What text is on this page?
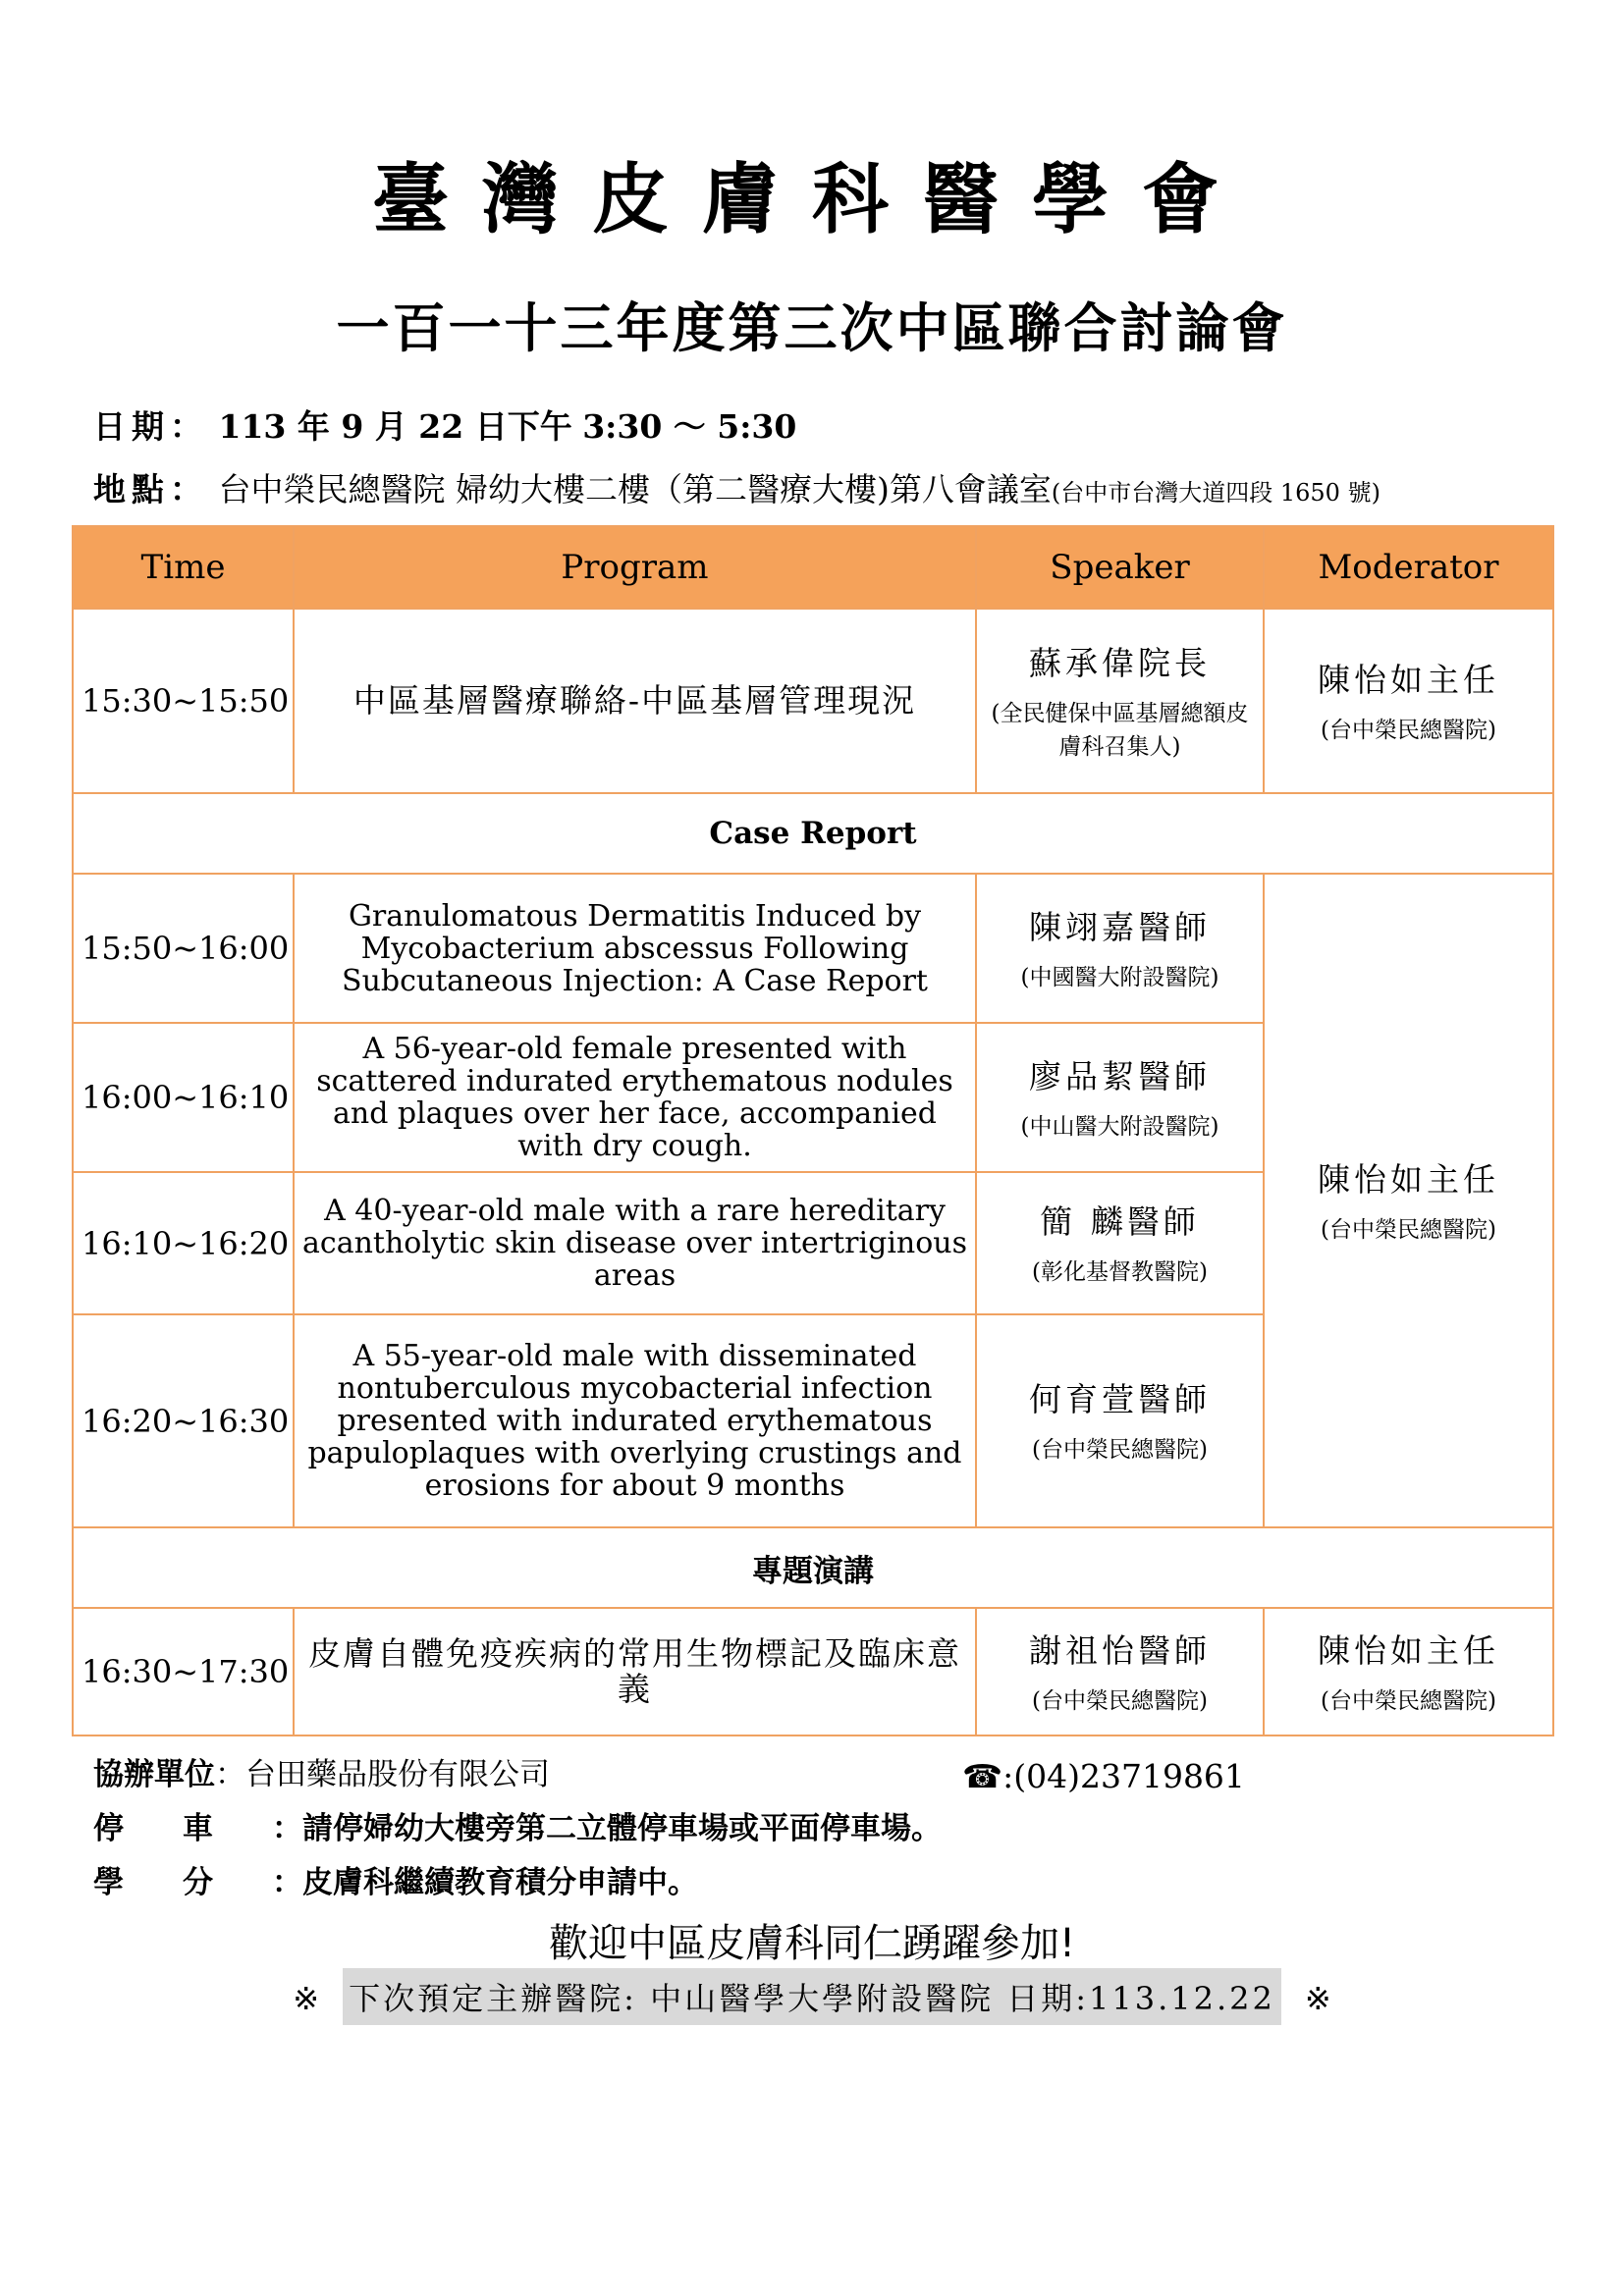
臺灣皮膚科醫學會
一百一十三年度第三次中區聯合討論會
日期： 113 年 9 月 22 日下午 3:30 ～ 5:30
地點： 台中榮民總醫院 婦幼大樓二樓（第二醫療大樓)第八會議室(台中市台灣大道四段 1650 號)
Time	Program	Speaker	Moderator
15:30~15:50	中區基層醫療聯絡-中區基層管理現況	蘇承偉院長
(全民健保中區基層總額皮膚科召集人)	陳怡如主任
(台中榮民總醫院)

Case Report			
15:50~16:00	Granulomatous Dermatitis Induced by Mycobacterium abscessus Following Subcutaneous Injection: A Case Report	陳翊嘉醫師
(中國醫大附設醫院)	陳怡如主任
(台中榮民總醫院)

16:00~16:10	A 56-year-old female presented with scattered indurated erythematous nodules and plaques over her face, accompanied with dry cough.	廖品絜醫師
(中山醫大附設醫院)	

16:10~16:20	A 40-year-old male with a rare hereditary acantholytic skin disease over intertriginous areas	簡 麟醫師
(彰化基督教醫院)	

16:20~16:30	A 55-year-old male with disseminated nontuberculous mycobacterial infection presented with indurated erythematous papuloplaques with overlying crustings and erosions for about 9 months	何育萱醫師
(台中榮民總醫院)	

專題演講			
16:30~17:30	皮膚自體免疫疾病的常用生物標記及臨床意義	謝祖怡醫師
(台中榮民總醫院)	陳怡如主任
(台中榮民總醫院)
協辦單位：台田藥品股份有限公司	☎:(04)23719861
停車：請停婦幼大樓旁第二立體停車場或平面停車場。
學分：皮膚科繼續教育積分申請中。
歡迎中區皮膚科同仁踴躍參加!
※ 下次預定主辦醫院: 中山醫學大學附設醫院 日期:113.12.22 ※
